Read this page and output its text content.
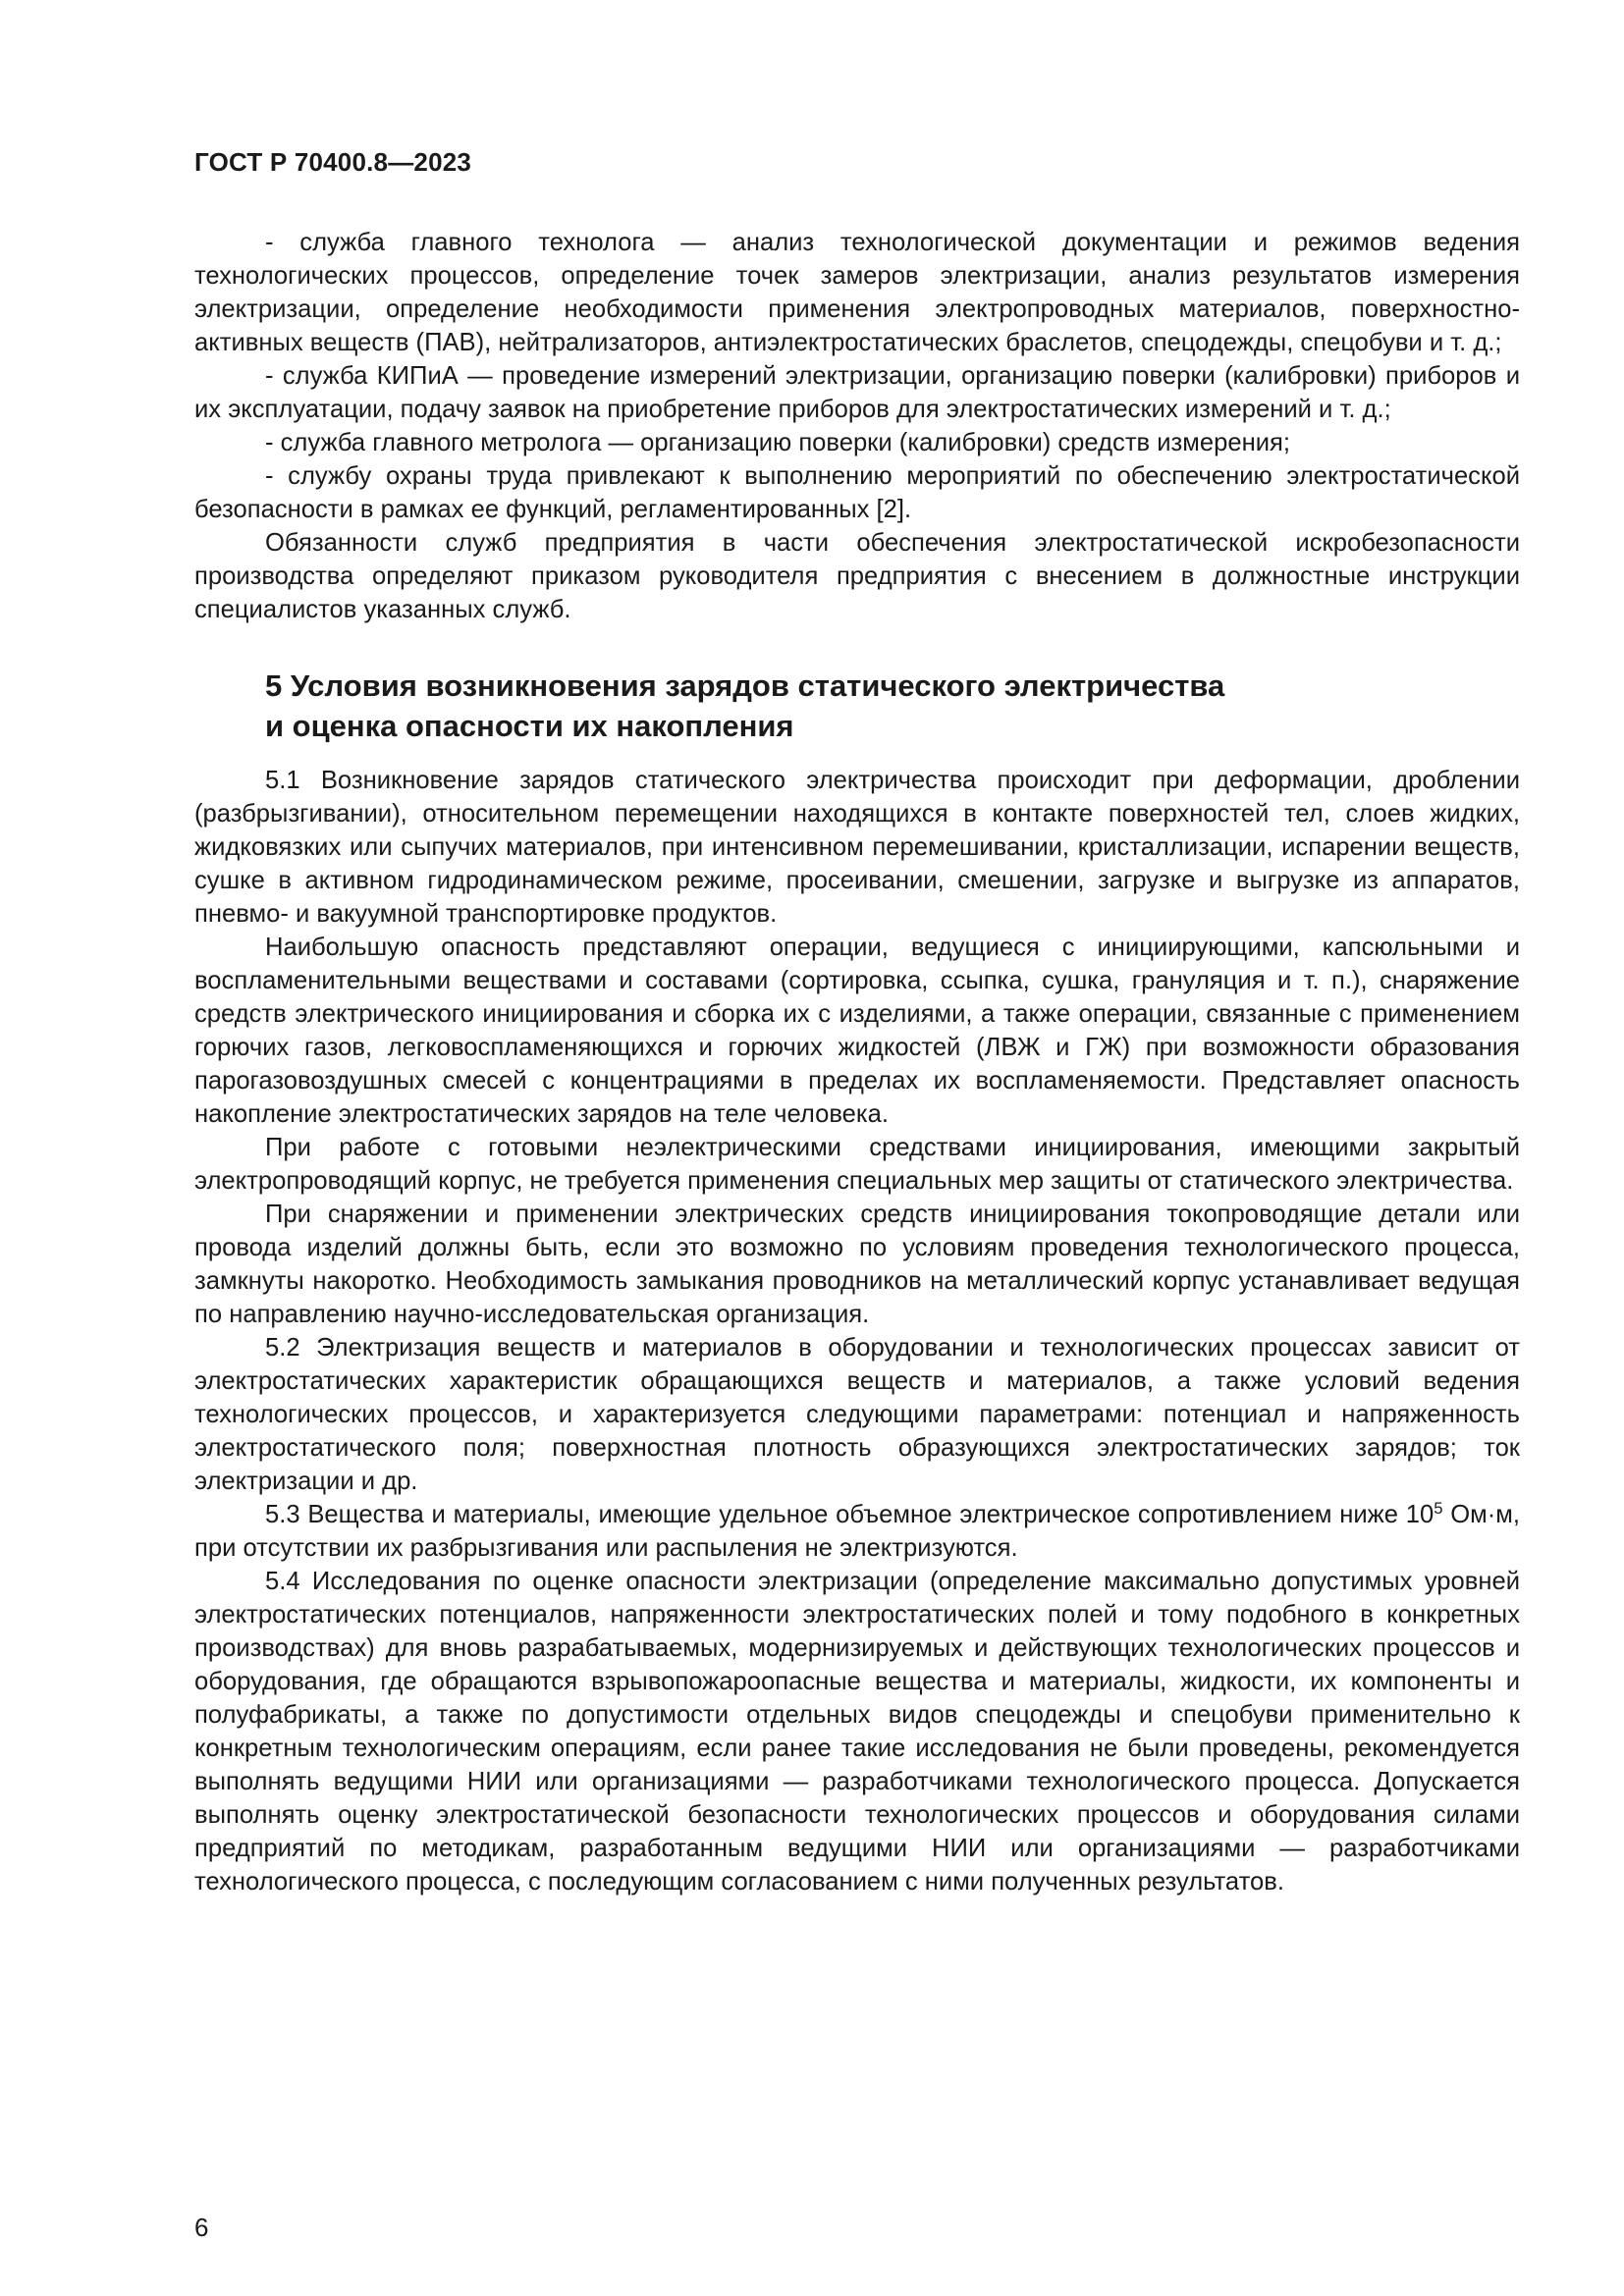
ГОСТ Р 70400.8—2023

- служба главного технолога — анализ технологической документации и режимов ведения технологических процессов, определение точек замеров электризации, анализ результатов измерения электризации, определение необходимости применения электропроводных материалов, поверхностно-активных веществ (ПАВ), нейтрализаторов, антиэлектростатических браслетов, спецодежды, спецобуви и т. д.;

- служба КИПиА — проведение измерений электризации, организацию поверки (калибровки) приборов и их эксплуатации, подачу заявок на приобретение приборов для электростатических измерений и т. д.;

- служба главного метролога — организацию поверки (калибровки) средств измерения;

- службу охраны труда привлекают к выполнению мероприятий по обеспечению электростатической безопасности в рамках ее функций, регламентированных [2].

Обязанности служб предприятия в части обеспечения электростатической искробезопасности производства определяют приказом руководителя предприятия с внесением в должностные инструкции специалистов указанных служб.

5 Условия возникновения зарядов статического электричества
и оценка опасности их накопления

5.1 Возникновение зарядов статического электричества происходит при деформации, дроблении (разбрызгивании), относительном перемещении находящихся в контакте поверхностей тел, слоев жидких, жидковязких или сыпучих материалов, при интенсивном перемешивании, кристаллизации, испарении веществ, сушке в активном гидродинамическом режиме, просеивании, смешении, загрузке и выгрузке из аппаратов, пневмо- и вакуумной транспортировке продуктов.

Наибольшую опасность представляют операции, ведущиеся с инициирующими, капсюльными и воспламенительными веществами и составами (сортировка, ссыпка, сушка, грануляция и т. п.), снаряжение средств электрического инициирования и сборка их с изделиями, а также операции, связанные с применением горючих газов, легковоспламеняющихся и горючих жидкостей (ЛВЖ и ГЖ) при возможности образования парогазовоздушных смесей с концентрациями в пределах их воспламеняемости. Представляет опасность накопление электростатических зарядов на теле человека.

При работе с готовыми неэлектрическими средствами инициирования, имеющими закрытый электропроводящий корпус, не требуется применения специальных мер защиты от статического электричества.

При снаряжении и применении электрических средств инициирования токопроводящие детали или провода изделий должны быть, если это возможно по условиям проведения технологического процесса, замкнуты накоротко. Необходимость замыкания проводников на металлический корпус устанавливает ведущая по направлению научно-исследовательская организация.

5.2 Электризация веществ и материалов в оборудовании и технологических процессах зависит от электростатических характеристик обращающихся веществ и материалов, а также условий ведения технологических процессов, и характеризуется следующими параметрами: потенциал и напряженность электростатического поля; поверхностная плотность образующихся электростатических зарядов; ток электризации и др.

5.3 Вещества и материалы, имеющие удельное объемное электрическое сопротивлением ниже $10^5$ Ом·м, при отсутствии их разбрызгивания или распыления не электризуются.

5.4 Исследования по оценке опасности электризации (определение максимально допустимых уровней электростатических потенциалов, напряженности электростатических полей и тому подобного в конкретных производствах) для вновь разрабатываемых, модернизируемых и действующих технологических процессов и оборудования, где обращаются взрывопожароопасные вещества и материалы, жидкости, их компоненты и полуфабрикаты, а также по допустимости отдельных видов спецодежды и спецобуви применительно к конкретным технологическим операциям, если ранее такие исследования не были проведены, рекомендуется выполнять ведущими НИИ или организациями — разработчиками технологического процесса. Допускается выполнять оценку электростатической безопасности технологических процессов и оборудования силами предприятий по методикам, разработанным ведущими НИИ или организациями — разработчиками технологического процесса, с последующим согласованием с ними полученных результатов.

6
